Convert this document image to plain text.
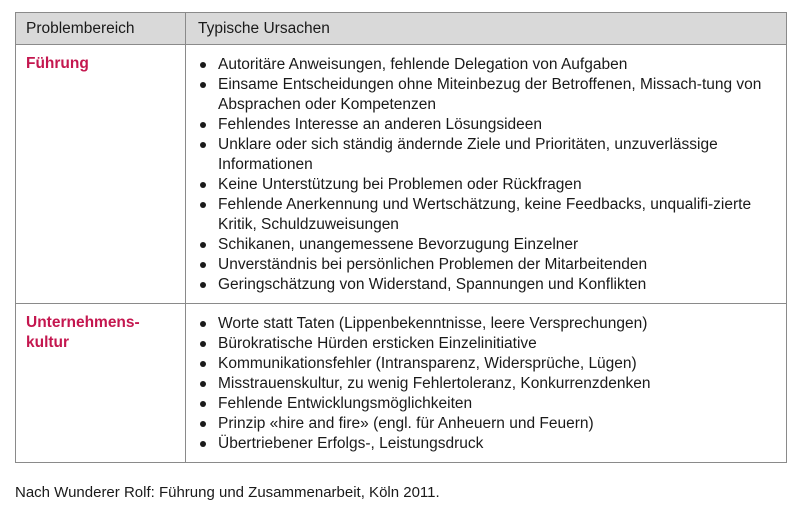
Problembereich	Typische Ursachen
Führung	Autoritäre Anweisungen, fehlende Delegation von Aufgaben
Einsame Entscheidungen ohne Miteinbezug der Betroffenen, Missach-​tung von Absprachen oder Kompetenzen
Fehlendes Interesse an anderen Lösungsideen
Unklare oder sich ständig ändernde Ziele und Prioritäten, unzuverlässige Informationen
Keine Unterstützung bei Problemen oder Rückfragen
Fehlende Anerkennung und Wertschätzung, keine Feedbacks, unqualifi-​zierte Kritik, Schuldzuweisungen
Schikanen, unangemessene Bevorzugung Einzelner
Unverständnis bei persönlichen Problemen der Mitarbeitenden
Geringschätzung von Widerstand, Spannungen und Konflikten
Unternehmens-​kultur
Worte statt Taten (Lippenbekenntnisse, leere Versprechungen)
Bürokratische Hürden ersticken Einzelinitiative
Kommunikationsfehler (Intransparenz, Widersprüche, Lügen)
Misstrauenskultur, zu wenig Fehlertoleranz, Konkurrenzdenken
Fehlende Entwicklungsmöglichkeiten
Prinzip «hire and fire» (engl. für Anheuern und Feuern)
Übertriebener Erfolgs-, Leistungsdruck
Nach Wunderer Rolf: Führung und Zusammenarbeit, Köln 2011.
